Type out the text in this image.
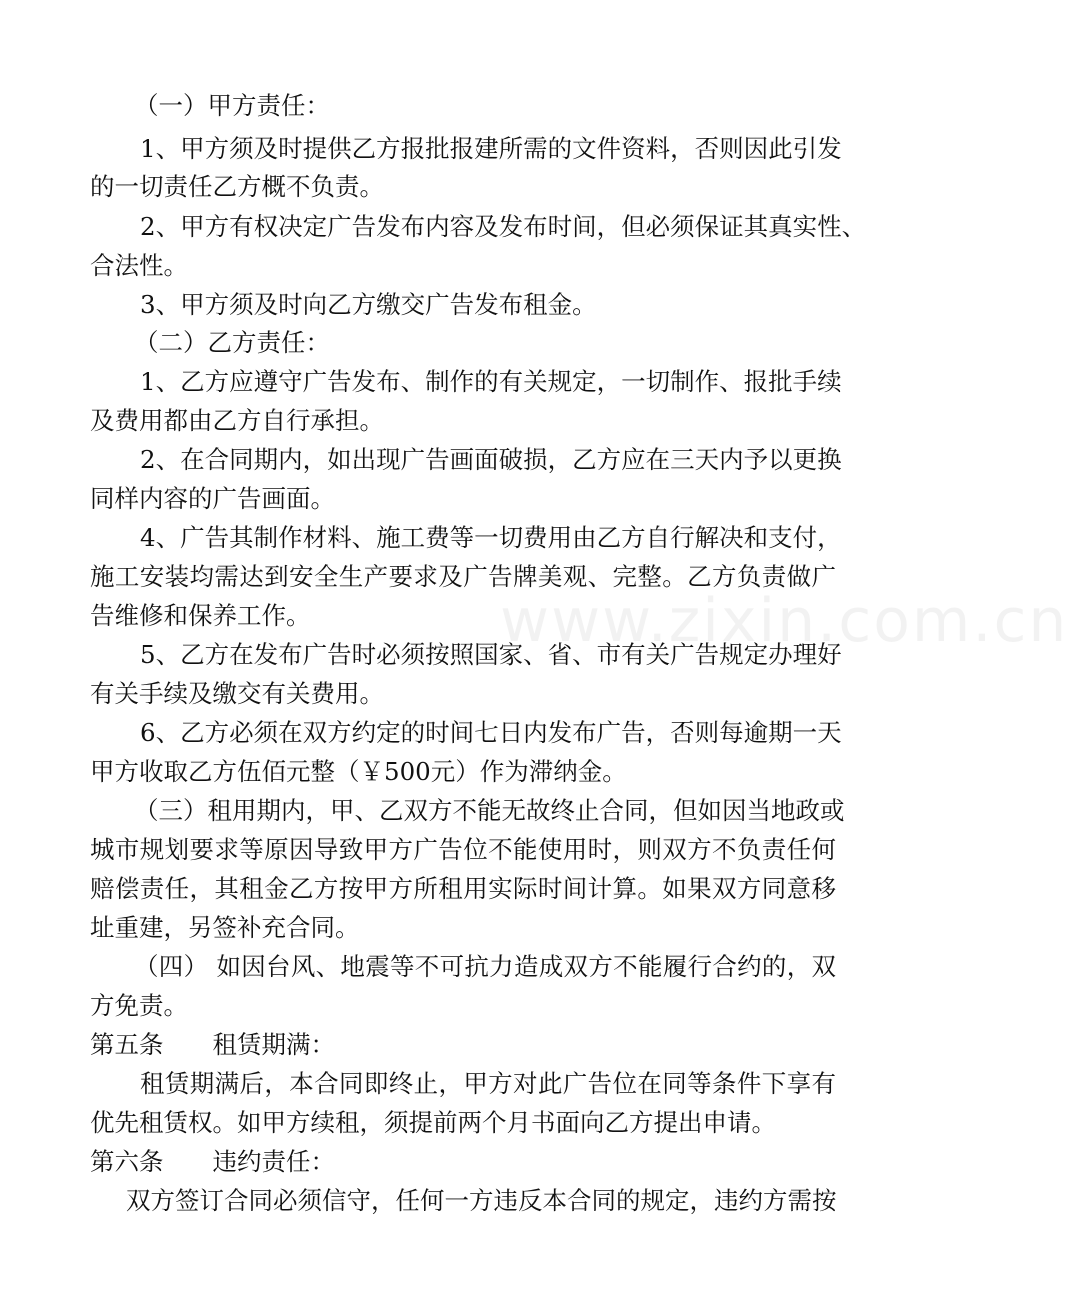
www.zixin.com.cn
（一）甲方责任：
1、甲方须及时提供乙方报批报建所需的文件资料，否则因此引发
的一切责任乙方概不负责。
2、甲方有权决定广告发布内容及发布时间，但必须保证其真实性、
合法性。
3、甲方须及时向乙方缴交广告发布租金。
（二）乙方责任：
1、乙方应遵守广告发布、制作的有关规定，一切制作、报批手续
及费用都由乙方自行承担。
2、在合同期内，如出现广告画面破损，乙方应在三天内予以更换
同样内容的广告画面。
4、广告其制作材料、施工费等一切费用由乙方自行解决和支付，
施工安装均需达到安全生产要求及广告牌美观、完整。乙方负责做广
告维修和保养工作。
5、乙方在发布广告时必须按照国家、省、市有关广告规定办理好
有关手续及缴交有关费用。
6、乙方必须在双方约定的时间七日内发布广告，否则每逾期一天
甲方收取乙方伍佰元整（￥500元）作为滞纳金。
（三）租用期内，甲、乙双方不能无故终止合同，但如因当地政或
城市规划要求等原因导致甲方广告位不能使用时，则双方不负责任何
赔偿责任，其租金乙方按甲方所租用实际时间计算。如果双方同意移
址重建，另签补充合同。
（四） 如因台风、地震等不可抗力造成双方不能履行合约的，双
方免责。
第五条　　租赁期满：
租赁期满后，本合同即终止，甲方对此广告位在同等条件下享有
优先租赁权。如甲方续租，须提前两个月书面向乙方提出申请。
第六条　　违约责任：
双方签订合同必须信守，任何一方违反本合同的规定，违约方需按
